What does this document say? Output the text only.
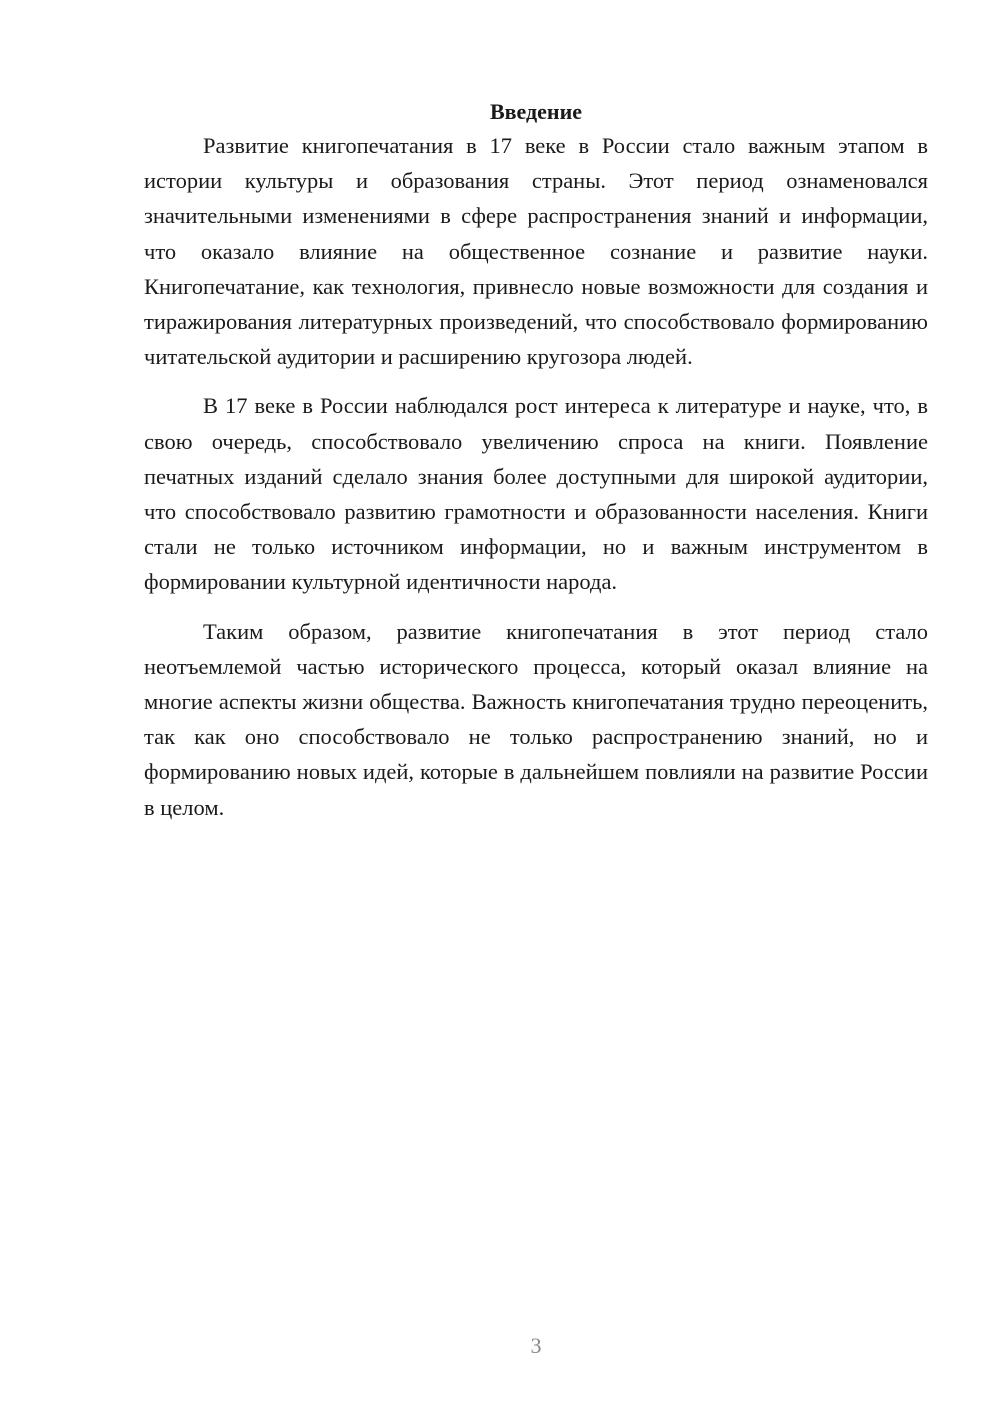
Введение

Развитие книгопечатания в 17 веке в России стало важным этапом в истории культуры и образования страны. Этот период ознаменовался значительными изменениями в сфере распространения знаний и информации, что оказало влияние на общественное сознание и развитие науки. Книгопечатание, как технология, привнесло новые возможности для создания и тиражирования литературных произведений, что способствовало формированию читательской аудитории и расширению кругозора людей.

В 17 веке в России наблюдался рост интереса к литературе и науке, что, в свою очередь, способствовало увеличению спроса на книги. Появление печатных изданий сделало знания более доступными для широкой аудитории, что способствовало развитию грамотности и образованности населения. Книги стали не только источником информации, но и важным инструментом в формировании культурной идентичности народа.

Таким образом, развитие книгопечатания в этот период стало неотъемлемой частью исторического процесса, который оказал влияние на многие аспекты жизни общества. Важность книгопечатания трудно переоценить, так как оно способствовало не только распространению знаний, но и формированию новых идей, которые в дальнейшем повлияли на развитие России в целом.

3
